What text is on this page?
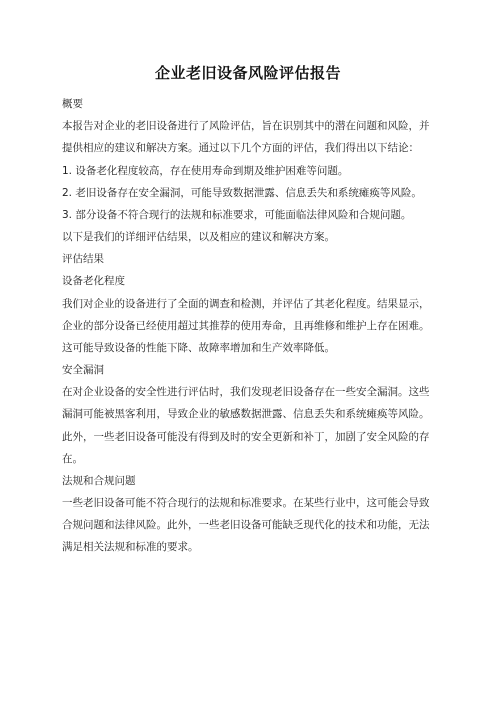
企业老旧设备风险评估报告
概要
本报告对企业的老旧设备进行了风险评估，旨在识别其中的潜在问题和风险，并
提供相应的建议和解决方案。通过以下几个方面的评估，我们得出以下结论：
1. 设备老化程度较高，存在使用寿命到期及维护困难等问题。
2. 老旧设备存在安全漏洞，可能导致数据泄露、信息丢失和系统瘫痪等风险。
3. 部分设备不符合现行的法规和标准要求，可能面临法律风险和合规问题。
以下是我们的详细评估结果，以及相应的建议和解决方案。
评估结果
设备老化程度
我们对企业的设备进行了全面的调查和检测，并评估了其老化程度。结果显示，
企业的部分设备已经使用超过其推荐的使用寿命，且再维修和维护上存在困难。
这可能导致设备的性能下降、故障率增加和生产效率降低。
安全漏洞
在对企业设备的安全性进行评估时，我们发现老旧设备存在一些安全漏洞。这些
漏洞可能被黑客利用，导致企业的敏感数据泄露、信息丢失和系统瘫痪等风险。
此外，一些老旧设备可能没有得到及时的安全更新和补丁，加剧了安全风险的存
在。
法规和合规问题
一些老旧设备可能不符合现行的法规和标准要求。在某些行业中，这可能会导致
合规问题和法律风险。此外，一些老旧设备可能缺乏现代化的技术和功能，无法
满足相关法规和标准的要求。
